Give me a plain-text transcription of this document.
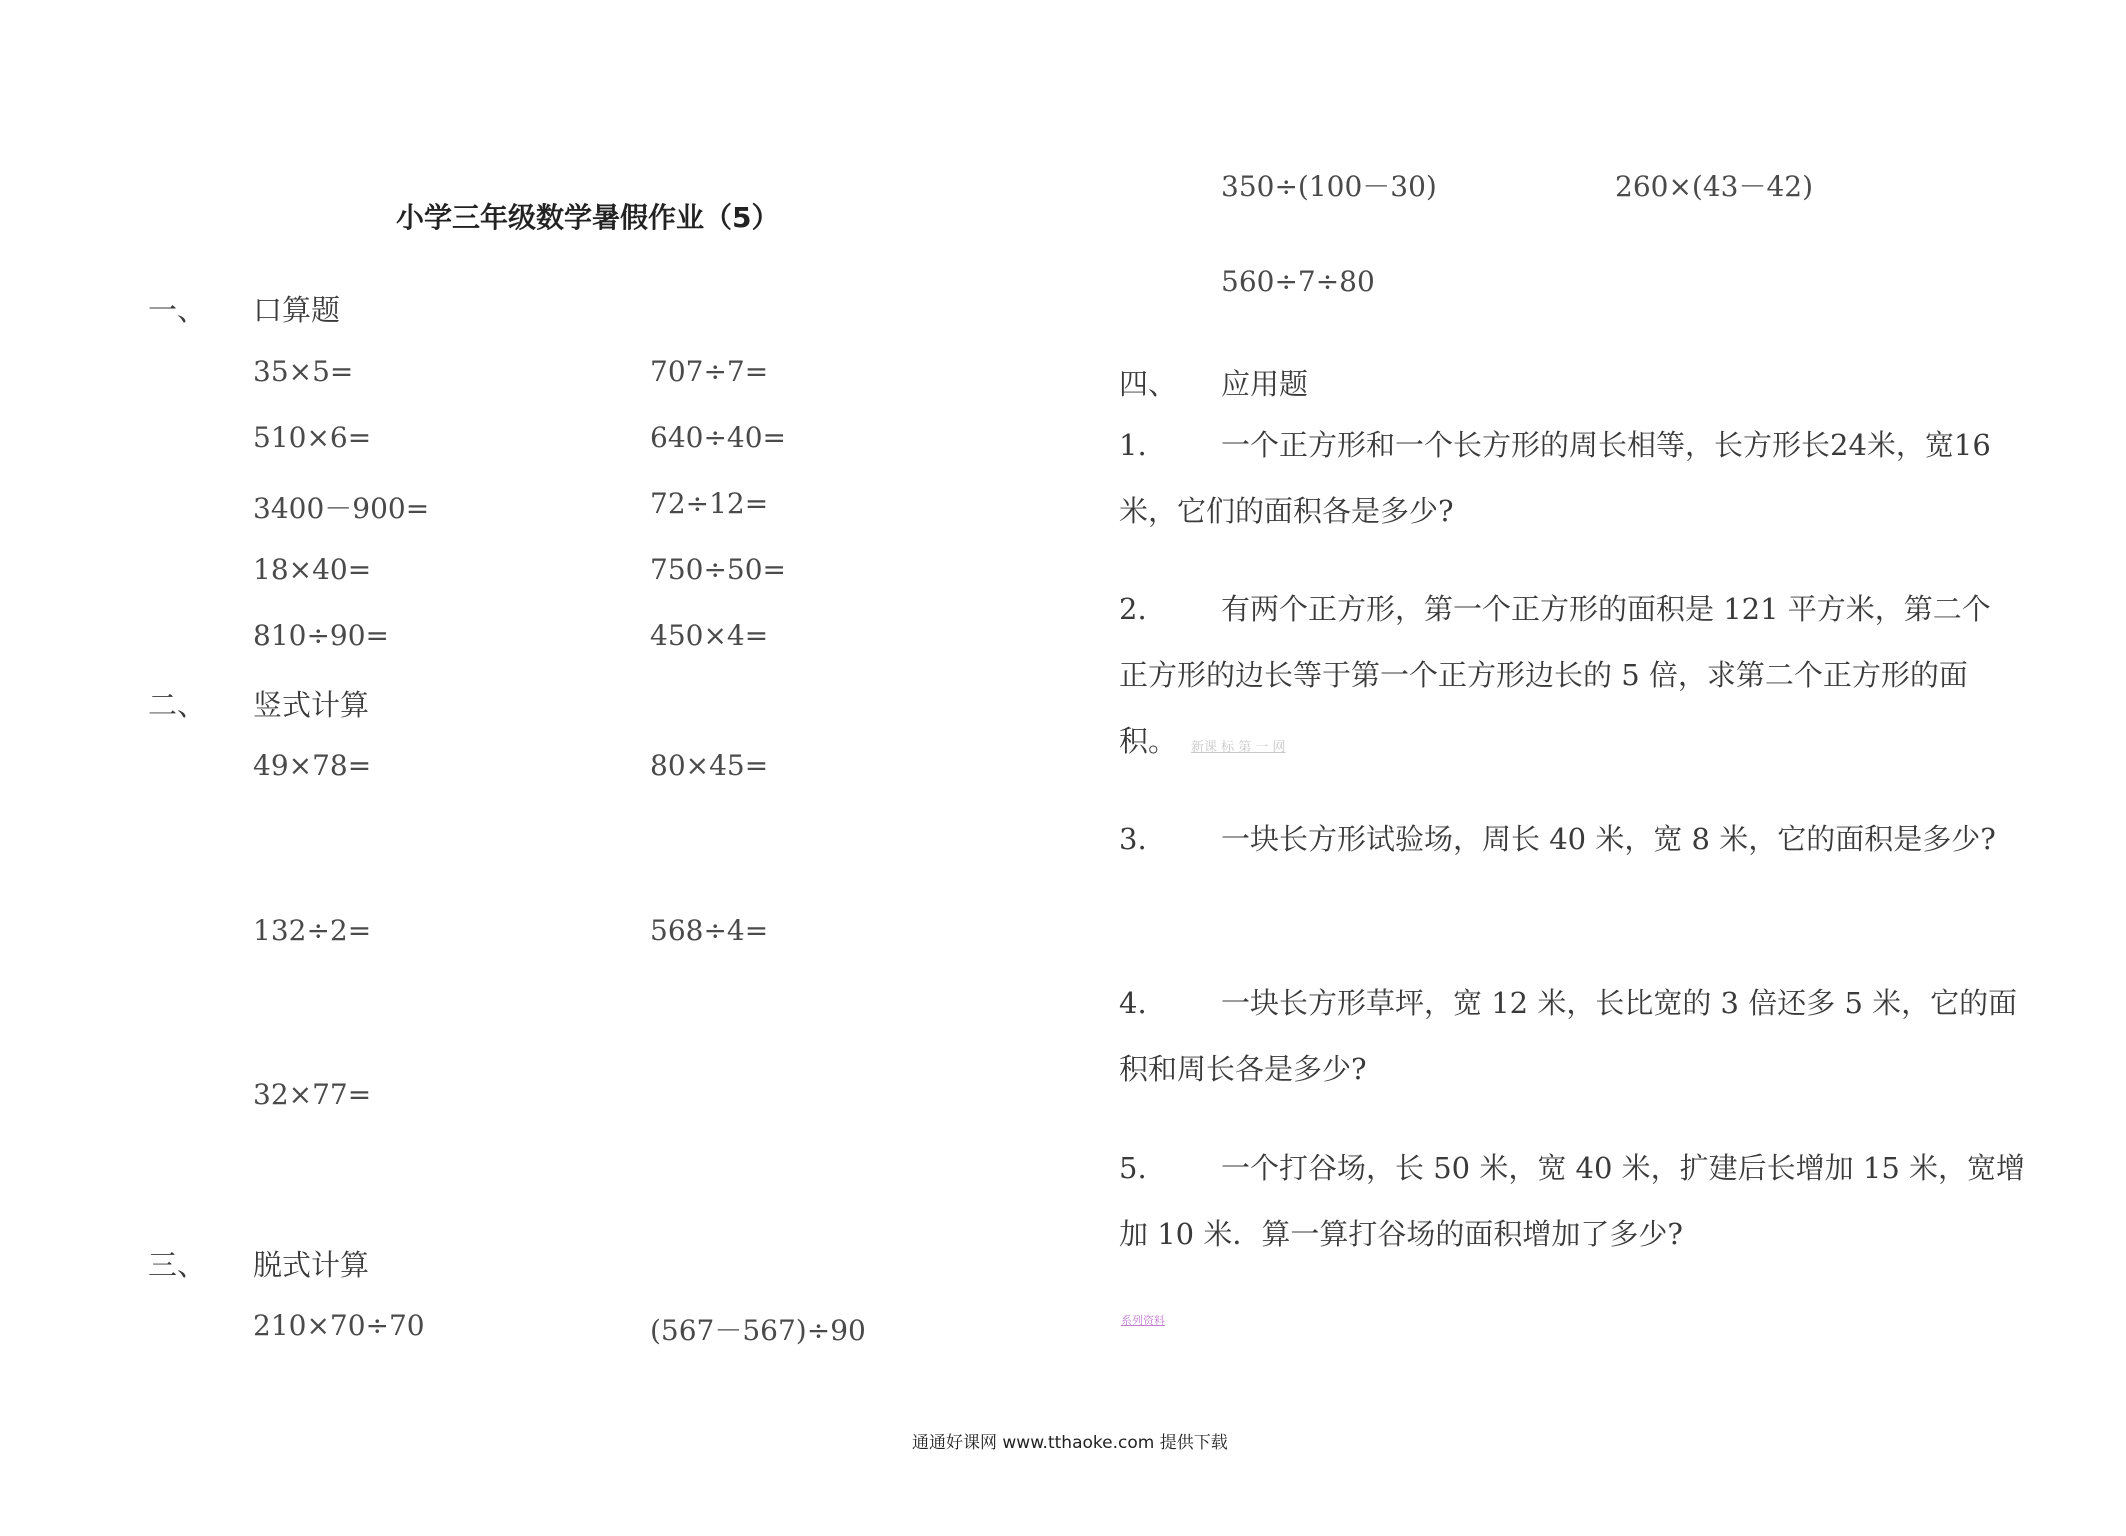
小学三年级数学暑假作业（5）
一、 口算题
35×5=	707÷7=
510×6=	640÷40=
3400－900=	72÷12=
18×40=	750÷50=
810÷90=	450×4=
二、 竖式计算
49×78=	80×45=
132÷2=	568÷4=
32×77=
三、 脱式计算
210×70÷70	(567－567)÷90
350÷(100－30)	260×(43－42)
560÷7÷80
四、 应用题
1.	一个正方形和一个长方形的周长相等，长方形长24米，宽16
米，它们的面积各是多少?
2.	有两个正方形，第一个正方形的面积是 121 平方米，第二个
正方形的边长等于第一个正方形边长的 5 倍，求第二个正方形的面
积。 新课 标 第 一 网
3.	一块长方形试验场，周长 40 米，宽 8 米，它的面积是多少?
4.	一块长方形草坪，宽 12 米，长比宽的 3 倍还多 5 米，它的面
积和周长各是多少?
5.	一个打谷场，长 50 米，宽 40 米，扩建后长增加 15 米，宽增
加 10 米．算一算打谷场的面积增加了多少?
系列资料
通通好课网 www.tthaoke.com 提供下载
